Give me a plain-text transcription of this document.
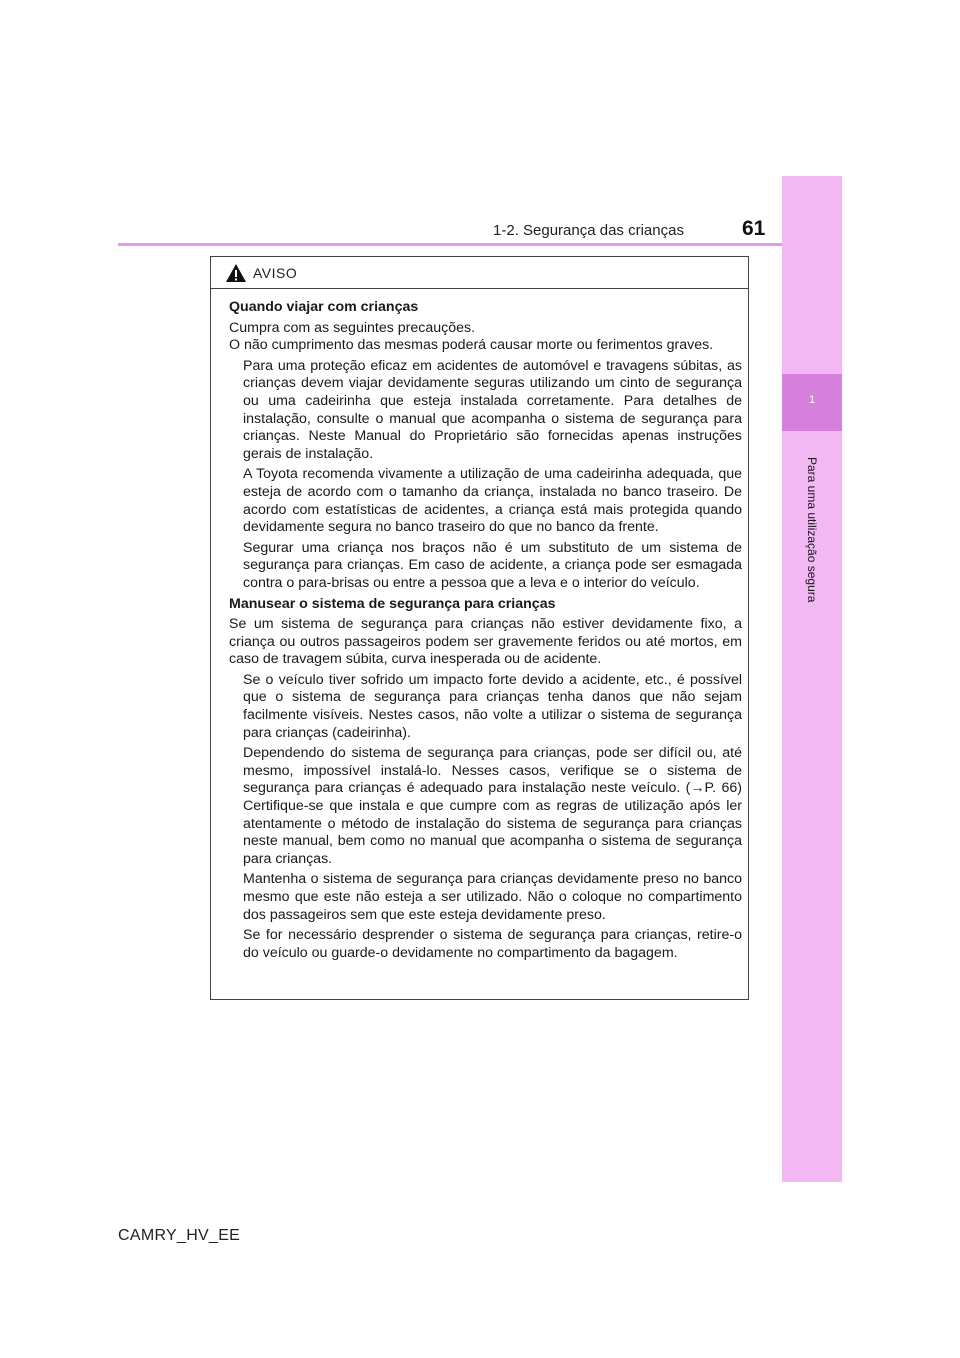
1-2. Segurança das crianças	61
1
Para uma utilização segura
AVISO

Quando viajar com crianças

Cumpra com as seguintes precauções.

O não cumprimento das mesmas poderá causar morte ou ferimentos graves.

Para uma proteção eficaz em acidentes de automóvel e travagens súbitas, as crianças devem viajar devidamente seguras utilizando um cinto de segurança ou uma cadeirinha que esteja instalada corretamente. Para detalhes de instalação, consulte o manual que acompanha o sistema de segurança para crianças. Neste Manual do Proprietário são fornecidas apenas instruções gerais de instalação.

A Toyota recomenda vivamente a utilização de uma cadeirinha adequada, que esteja de acordo com o tamanho da criança, instalada no banco traseiro. De acordo com estatísticas de acidentes, a criança está mais protegida quando devidamente segura no banco traseiro do que no banco da frente.

Segurar uma criança nos braços não é um substituto de um sistema de segurança para crianças. Em caso de acidente, a criança pode ser esmagada contra o para-brisas ou entre a pessoa que a leva e o interior do veículo.

Manusear o sistema de segurança para crianças

Se um sistema de segurança para crianças não estiver devidamente fixo, a criança ou outros passageiros podem ser gravemente feridos ou até mortos, em caso de travagem súbita, curva inesperada ou de acidente.

Se o veículo tiver sofrido um impacto forte devido a acidente, etc., é possível que o sistema de segurança para crianças tenha danos que não sejam facilmente visíveis. Nestes casos, não volte a utilizar o sistema de segurança para crianças (cadeirinha).

Dependendo do sistema de segurança para crianças, pode ser difícil ou, até mesmo, impossível instalá-lo. Nesses casos, verifique se o sistema de segurança para crianças é adequado para instalação neste veículo. (→P. 66) Certifique-se que instala e que cumpre com as regras de utilização após ler atentamente o método de instalação do sistema de segurança para crianças neste manual, bem como no manual que acompanha o sistema de segurança para crianças.

Mantenha o sistema de segurança para crianças devidamente preso no banco mesmo que este não esteja a ser utilizado. Não o coloque no compartimento dos passageiros sem que este esteja devidamente preso.

Se for necessário desprender o sistema de segurança para crianças, retire-o do veículo ou guarde-o devidamente no compartimento da bagagem.

CAMRY_HV_EE
